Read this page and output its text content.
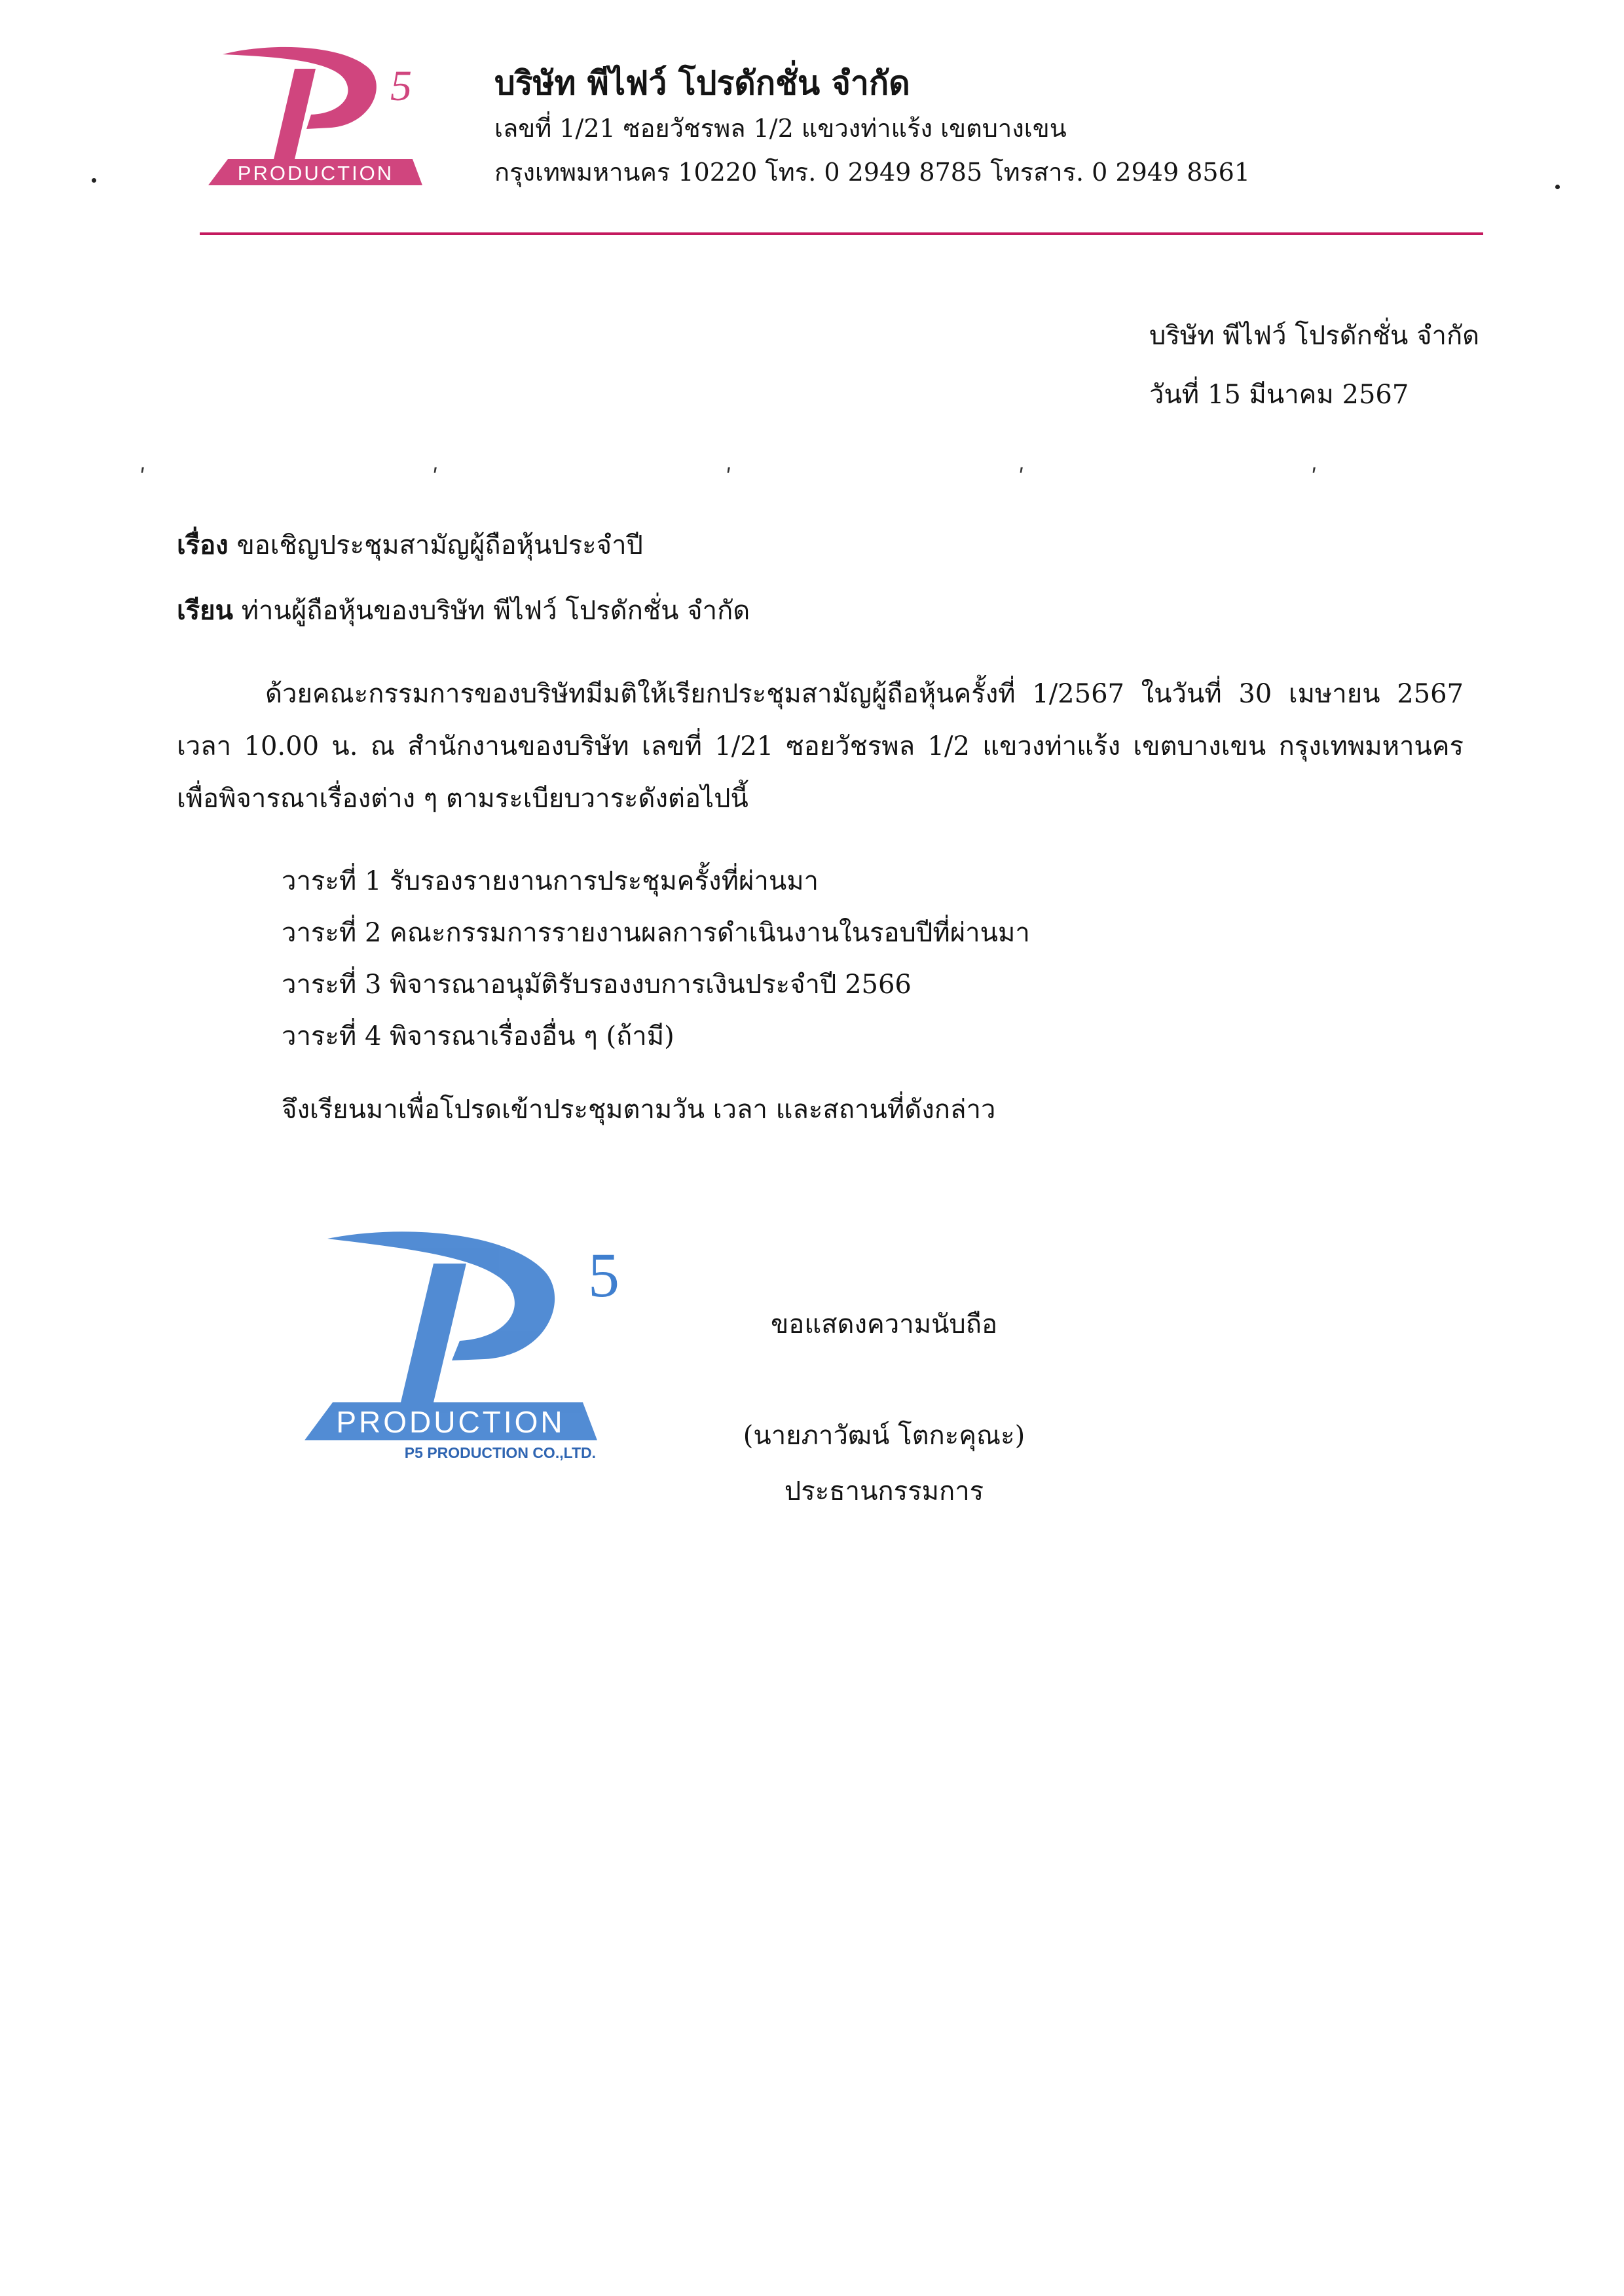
5
PRODUCTION
บริษัท พีไฟว์ โปรดักชั่น จำกัด
เลขที่ 1/21 ซอยวัชรพล 1/2 แขวงท่าแร้ง เขตบางเขน
กรุงเทพมหานคร 10220 โทร. 0 2949 8785 โทรสาร. 0 2949 8561
ʹ	ʹ	ʹ	ʹ	ʹ
บริษัท พีไฟว์ โปรดักชั่น จำกัด
วันที่ 15 มีนาคม 2567
เรื่อง ขอเชิญประชุมสามัญผู้ถือหุ้นประจำปี
เรียน ท่านผู้ถือหุ้นของบริษัท พีไฟว์ โปรดักชั่น จำกัด
ด้วยคณะกรรมการของบริษัทมีมติให้เรียกประชุมสามัญผู้ถือหุ้นครั้งที่ 1/2567 ในวันที่ 30 เมษายน 2567 เวลา 10.00 น. ณ สำนักงานของบริษัท เลขที่ 1/21 ซอยวัชรพล 1/2 แขวงท่าแร้ง เขตบางเขน กรุงเทพมหานคร เพื่อพิจารณาเรื่องต่าง ๆ ตามระเบียบวาระดังต่อไปนี้
วาระที่ 1 รับรองรายงานการประชุมครั้งที่ผ่านมา
วาระที่ 2 คณะกรรมการรายงานผลการดำเนินงานในรอบปีที่ผ่านมา
วาระที่ 3 พิจารณาอนุมัติรับรองงบการเงินประจำปี 2566
วาระที่ 4 พิจารณาเรื่องอื่น ๆ (ถ้ามี)
จึงเรียนมาเพื่อโปรดเข้าประชุมตามวัน เวลา และสถานที่ดังกล่าว
5
PRODUCTION
P5 PRODUCTION CO.,LTD.
ขอแสดงความนับถือ
(นายภาวัฒน์ โตกะคุณะ)
ประธานกรรมการ
